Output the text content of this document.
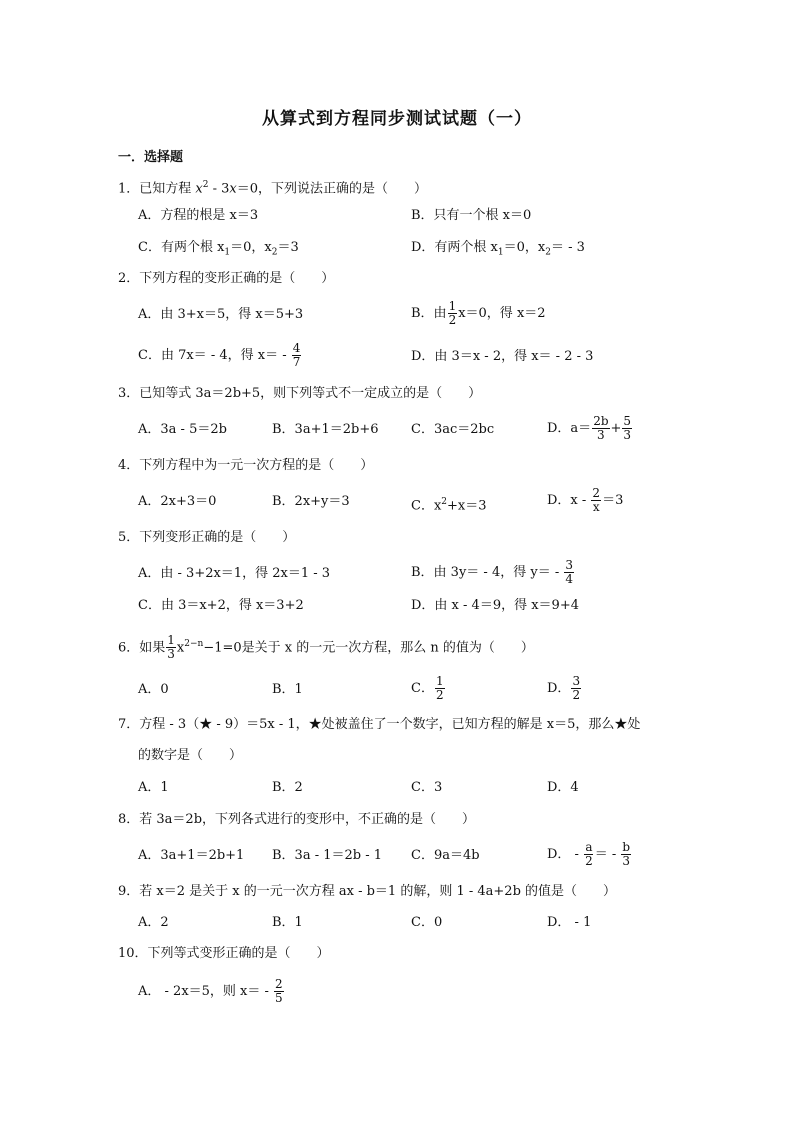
从算式到方程同步测试试题（一）
一．选择题
1．已知方程 $x^2 - 3x=0$，下列说法正确的是（　　）
A．方程的根是 x＝3	B．只有一个根 x＝0
C．有两个根 $x_1=0$，$x_2=3$	D．有两个根 $x_1=0$，$x_2= - 3$
2．下列方程的变形正确的是（　　）
A．由 3+x＝5，得 x＝5+3	B．由 $\frac{1}{2} x=0$，得 x＝2
C．由 7x＝ - 4，得 $x= - \frac{4}{7}$	D．由 3＝x - 2，得 x＝ - 2 - 3
3．已知等式 3a＝2b+5，则下列等式不一定成立的是（　　）
A．3a - 5＝2b	B．3a+1＝2b+6	C．3ac＝2bc	D．$a= \frac{2b}{3} + \frac{5}{3}$
4．下列方程中为一元一次方程的是（　　）
A．2x+3＝0	B．2x+y＝3	C．$x^2+x=3$	D．$x - \frac{2}{x} =3$
5．下列变形正确的是（　　）
A．由 - 3+2x＝1，得 2x＝1 - 3	B．由 3y＝ - 4，得 $y= - \frac{3}{4}$
C．由 3＝x+2，得 x＝3+2	D．由 x - 4＝9，得 x＝9+4
6．如果 $\frac{1}{3} x^{2-n}-1=0$是关于 x 的一元一次方程，那么 n 的值为（　　）
A．0	B．1	C． $\frac{1}{2}$	D． $\frac{3}{2}$
7．方程 - 3（★ - 9）＝5x - 1，★处被盖住了一个数字，已知方程的解是 x＝5，那么★处
的数字是（　　）
A．1	B．2	C．3	D．4
8．若 3a＝2b，下列各式进行的变形中，不正确的是（　　）
A．3a+1＝2b+1 B．3a - 1＝2b - 1 C．9a＝4b	D． - $\frac{a}{2}$ ＝ - $\frac{b}{3}$
9．若 x＝2 是关于 x 的一元一次方程 ax - b＝1 的解，则 1 - 4a+2b 的值是（　　）
A．2	B．1	C．0	D． - 1
10．下列等式变形正确的是（　　）
A． - 2x＝5，则 $x= - \frac{2}{5}$
